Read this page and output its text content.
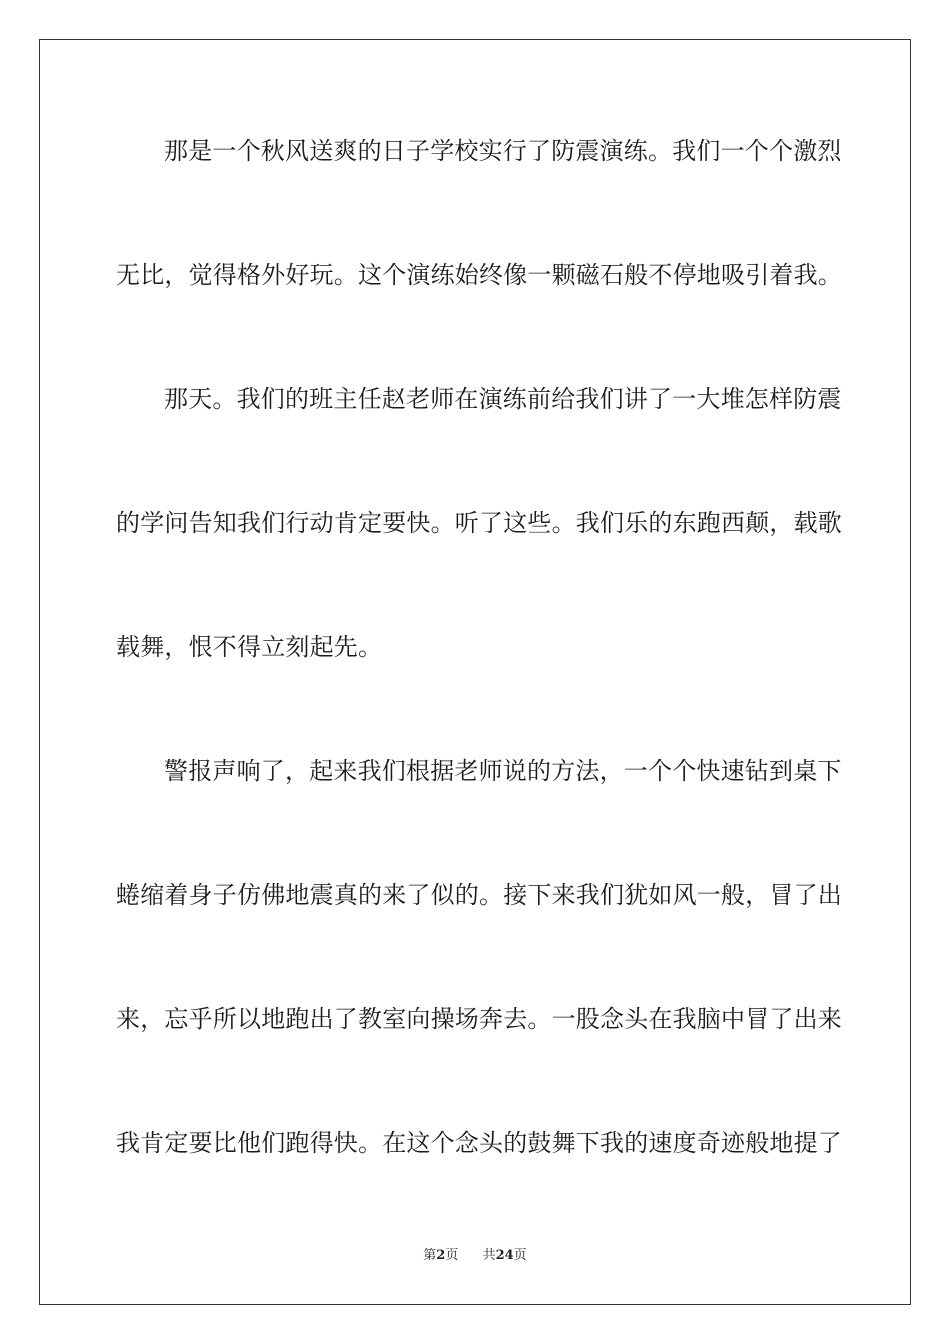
那是一个秋风送爽的日子学校实行了防震演练。我们一个个激烈
无比，觉得格外好玩。这个演练始终像一颗磁石般不停地吸引着我。
那天。我们的班主任赵老师在演练前给我们讲了一大堆怎样防震
的学问告知我们行动肯定要快。听了这些。我们乐的东跑西颠，载歌
载舞，恨不得立刻起先。
警报声响了，起来我们根据老师说的方法，一个个快速钻到桌下
蜷缩着身子仿佛地震真的来了似的。接下来我们犹如风一般，冒了出
来，忘乎所以地跑出了教室向操场奔去。一股念头在我脑中冒了出来
我肯定要比他们跑得快。在这个念头的鼓舞下我的速度奇迹般地提了
第2页 共24页
